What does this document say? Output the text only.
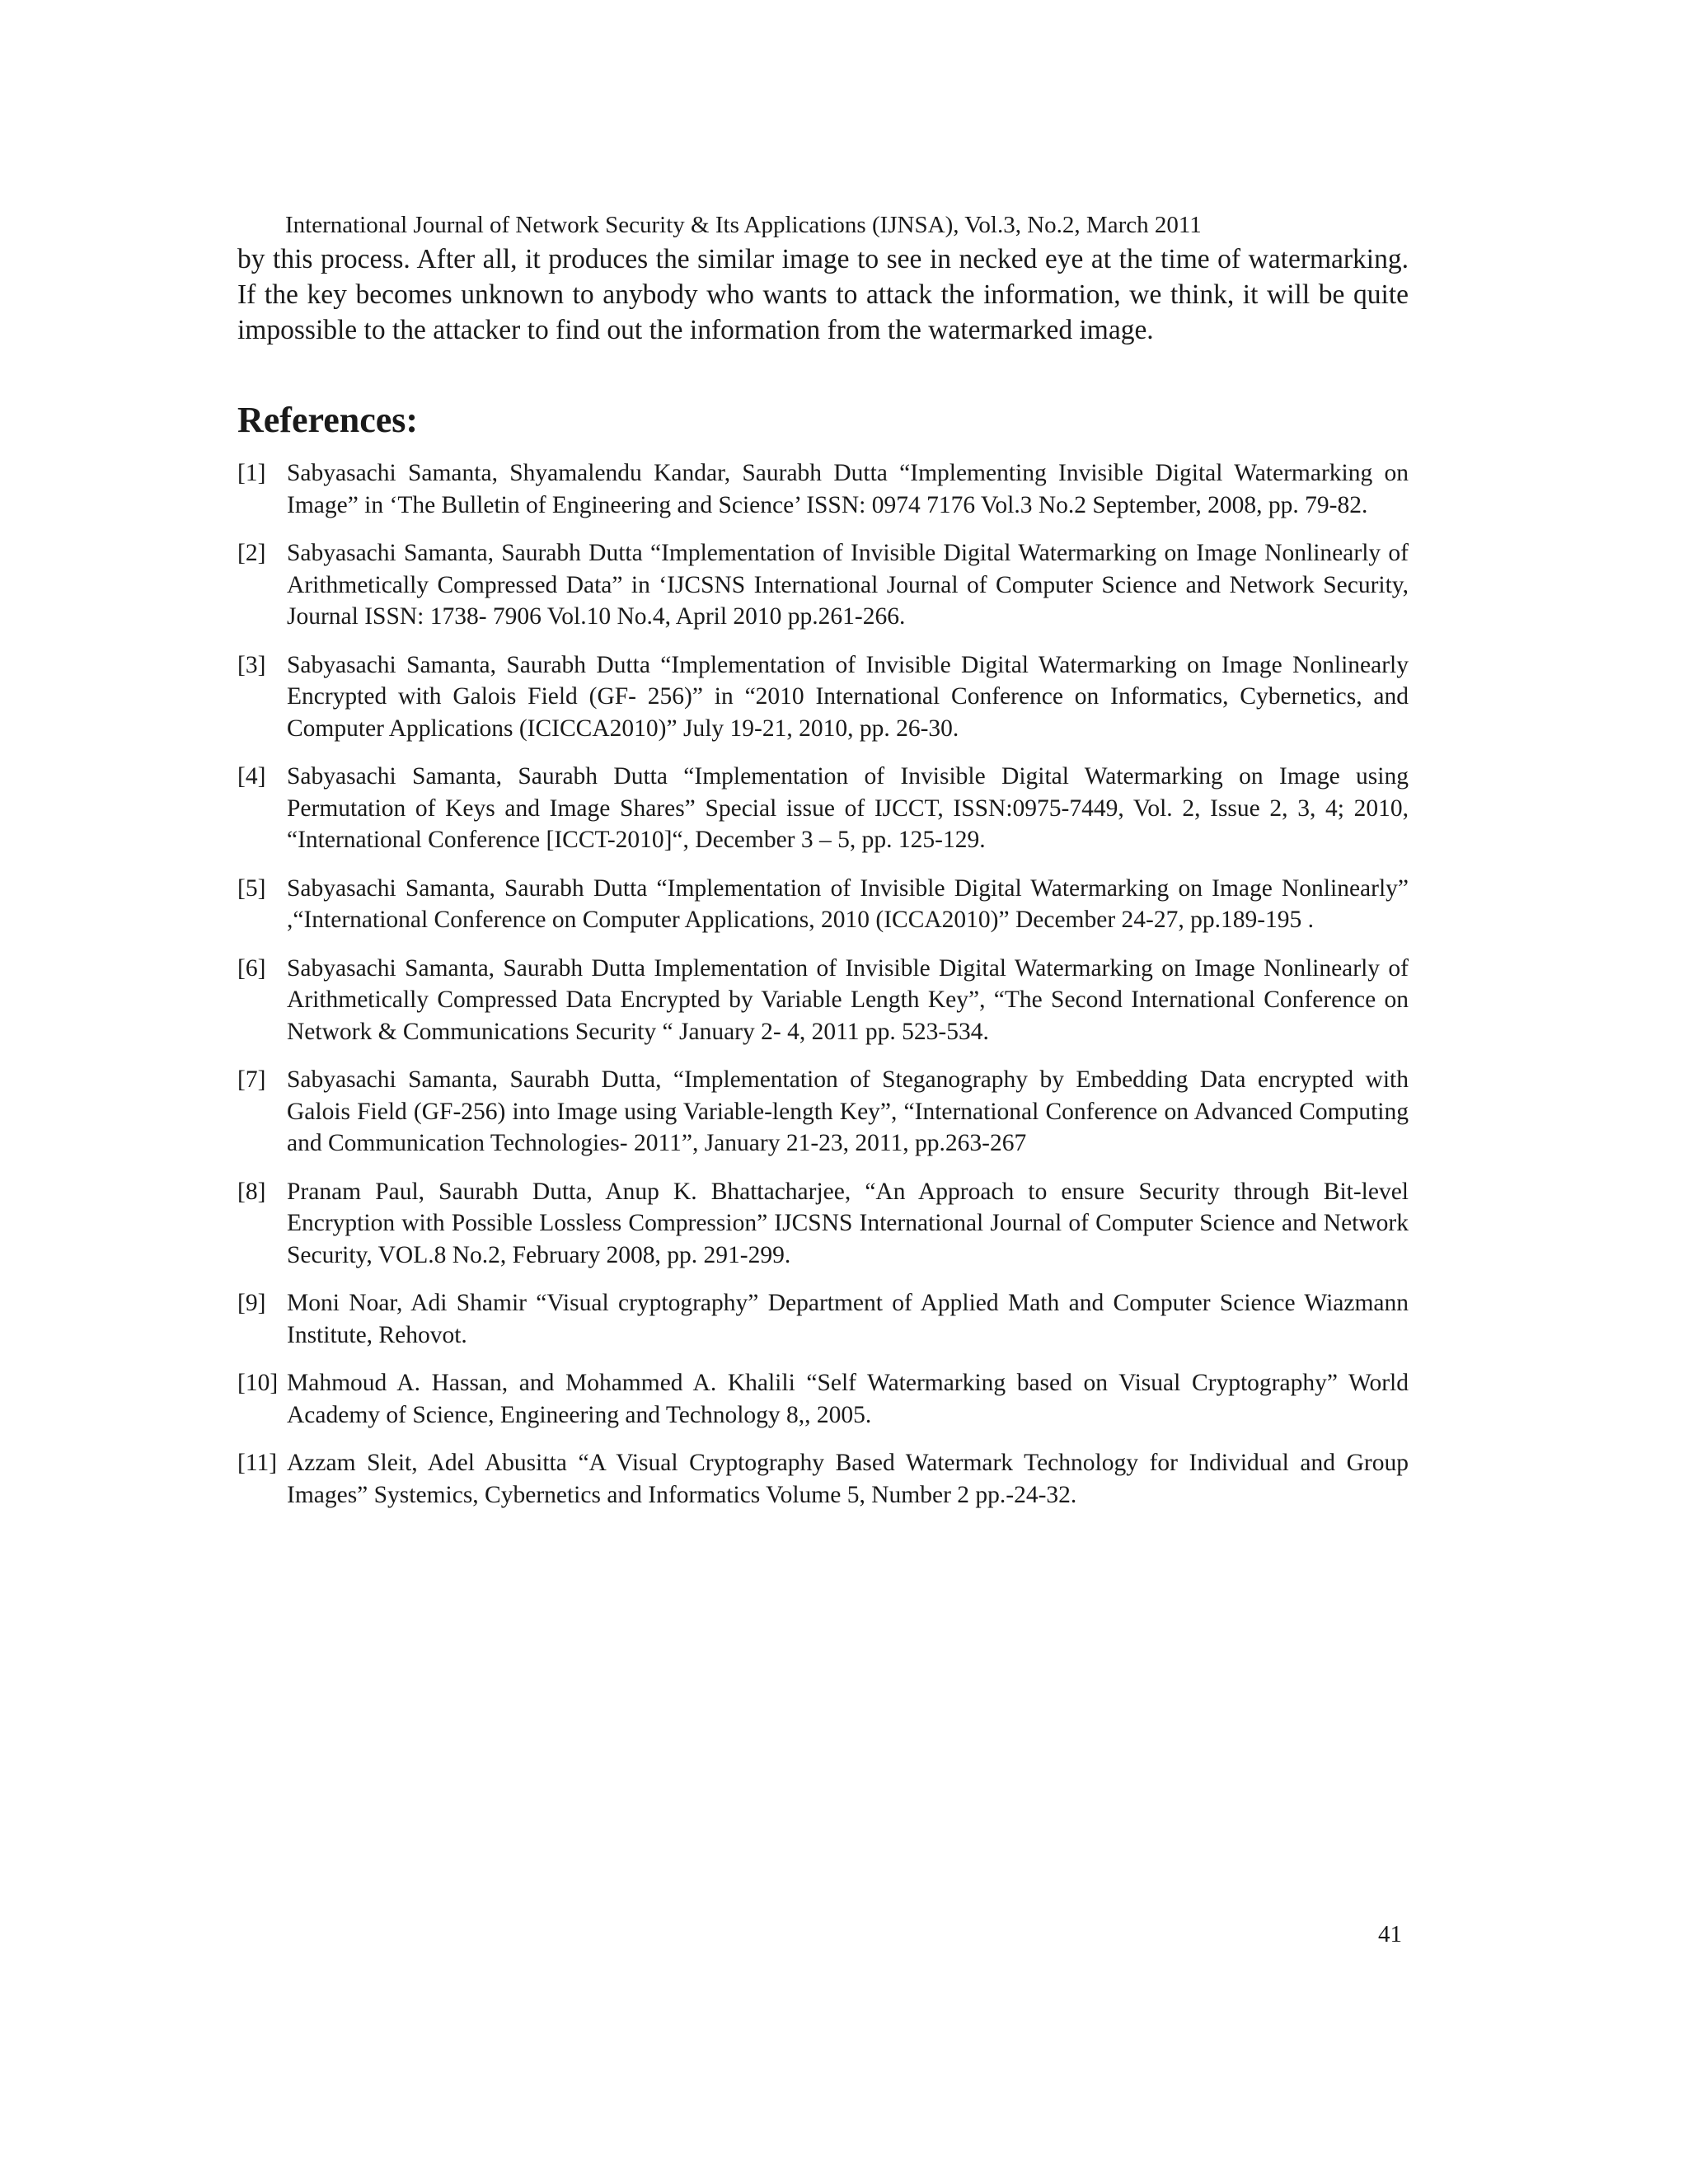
International Journal of Network Security & Its Applications (IJNSA), Vol.3, No.2, March 2011

by this process. After all, it produces the similar image to see in necked eye at the time of watermarking. If the key becomes unknown to anybody who wants to attack the information, we think, it will be quite impossible to the attacker to find out the information from the watermarked image.

References:
[1] Sabyasachi Samanta, Shyamalendu Kandar, Saurabh Dutta “Implementing Invisible Digital Watermarking on Image” in ‘The Bulletin of Engineering and Science’ ISSN: 0974 7176 Vol.3 No.2 September, 2008, pp. 79-82.
[2] Sabyasachi Samanta, Saurabh Dutta “Implementation of Invisible Digital Watermarking on Image Nonlinearly of Arithmetically Compressed Data” in ‘IJCSNS International Journal of Computer Science and Network Security, Journal ISSN: 1738- 7906 Vol.10 No.4, April 2010 pp.261-266.
[3] Sabyasachi Samanta, Saurabh Dutta “Implementation of Invisible Digital Watermarking on Image Nonlinearly Encrypted with Galois Field (GF- 256)” in “2010 International Conference on Informatics, Cybernetics, and Computer Applications (ICICCA2010)” July 19-21, 2010, pp. 26-30.
[4] Sabyasachi Samanta, Saurabh Dutta “Implementation of Invisible Digital Watermarking on Image using Permutation of Keys and Image Shares” Special issue of IJCCT, ISSN:0975-7449, Vol. 2, Issue 2, 3, 4; 2010, “International Conference [ICCT-2010]“, December 3 – 5, pp. 125-129.
[5] Sabyasachi Samanta, Saurabh Dutta “Implementation of Invisible Digital Watermarking on Image Nonlinearly” ,“International Conference on Computer Applications, 2010 (ICCA2010)” December 24-27, pp.189-195 .
[6] Sabyasachi Samanta, Saurabh Dutta Implementation of Invisible Digital Watermarking on Image Nonlinearly of Arithmetically Compressed Data Encrypted by Variable Length Key”, “The Second International Conference on Network & Communications Security “ January 2- 4, 2011 pp. 523-534.
[7] Sabyasachi Samanta, Saurabh Dutta, “Implementation of Steganography by Embedding Data encrypted with Galois Field (GF-256) into Image using Variable-length Key”, “International Conference on Advanced Computing and Communication Technologies- 2011”, January 21-23, 2011, pp.263-267
[8] Pranam Paul, Saurabh Dutta, Anup K. Bhattacharjee, “An Approach to ensure Security through Bit-level Encryption with Possible Lossless Compression” IJCSNS International Journal of Computer Science and Network Security, VOL.8 No.2, February 2008, pp. 291-299.
[9] Moni Noar, Adi Shamir “Visual cryptography” Department of Applied Math and Computer Science Wiazmann Institute, Rehovot.
[10] Mahmoud A. Hassan, and Mohammed A. Khalili “Self Watermarking based on Visual Cryptography” World Academy of Science, Engineering and Technology 8,, 2005.
[11] Azzam Sleit, Adel Abusitta “A Visual Cryptography Based Watermark Technology for Individual and Group Images” Systemics, Cybernetics and Informatics Volume 5, Number 2 pp.-24-32.
41
